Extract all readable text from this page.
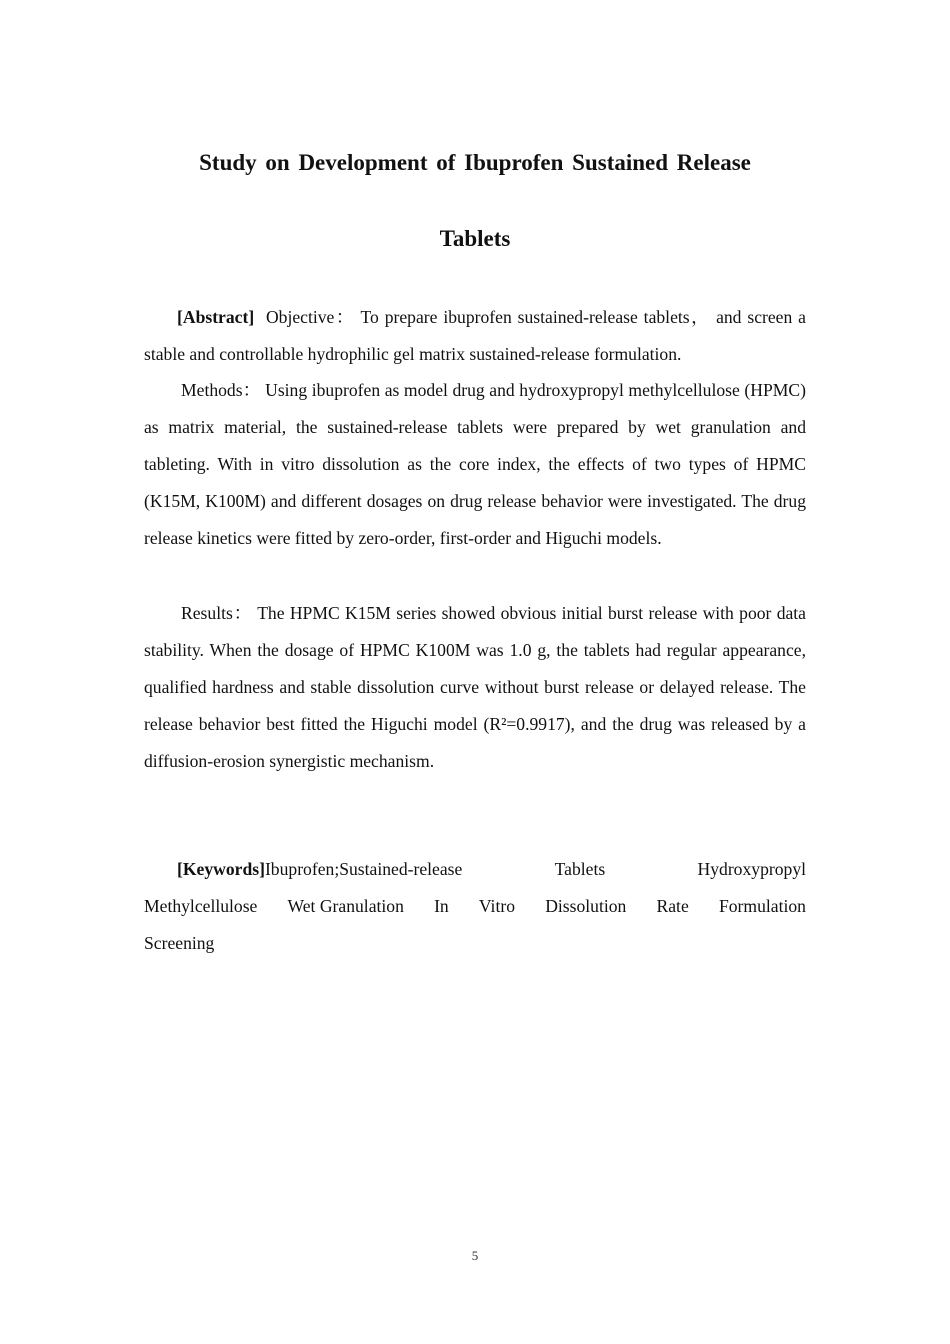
Study on Development of Ibuprofen Sustained Release
Tablets

[Abstract] Objective： To prepare ibuprofen sustained-release tablets， and screen a stable and controllable hydrophilic gel matrix sustained-release formulation.

Methods： Using ibuprofen as model drug and hydroxypropyl methylcellulose (HPMC) as matrix material, the sustained-release tablets were prepared by wet granulation and tableting. With in vitro dissolution as the core index, the effects of two types of HPMC (K15M, K100M) and different dosages on drug release behavior were investigated. The drug release kinetics were fitted by zero-order, first-order and Higuchi models.

Results： The HPMC K15M series showed obvious initial burst release with poor data stability. When the dosage of HPMC K100M was 1.0 g, the tablets had regular appearance, qualified hardness and stable dissolution curve without burst release or delayed release. The release behavior best fitted the Higuchi model (R²=0.9917), and the drug was released by a diffusion-erosion synergistic mechanism.

[Keywords]Ibuprofen;Sustained-release	Tablets	Hydroxypropyl
Methylcellulose Wet Granulation In Vitro Dissolution Rate Formulation
Screening
5
